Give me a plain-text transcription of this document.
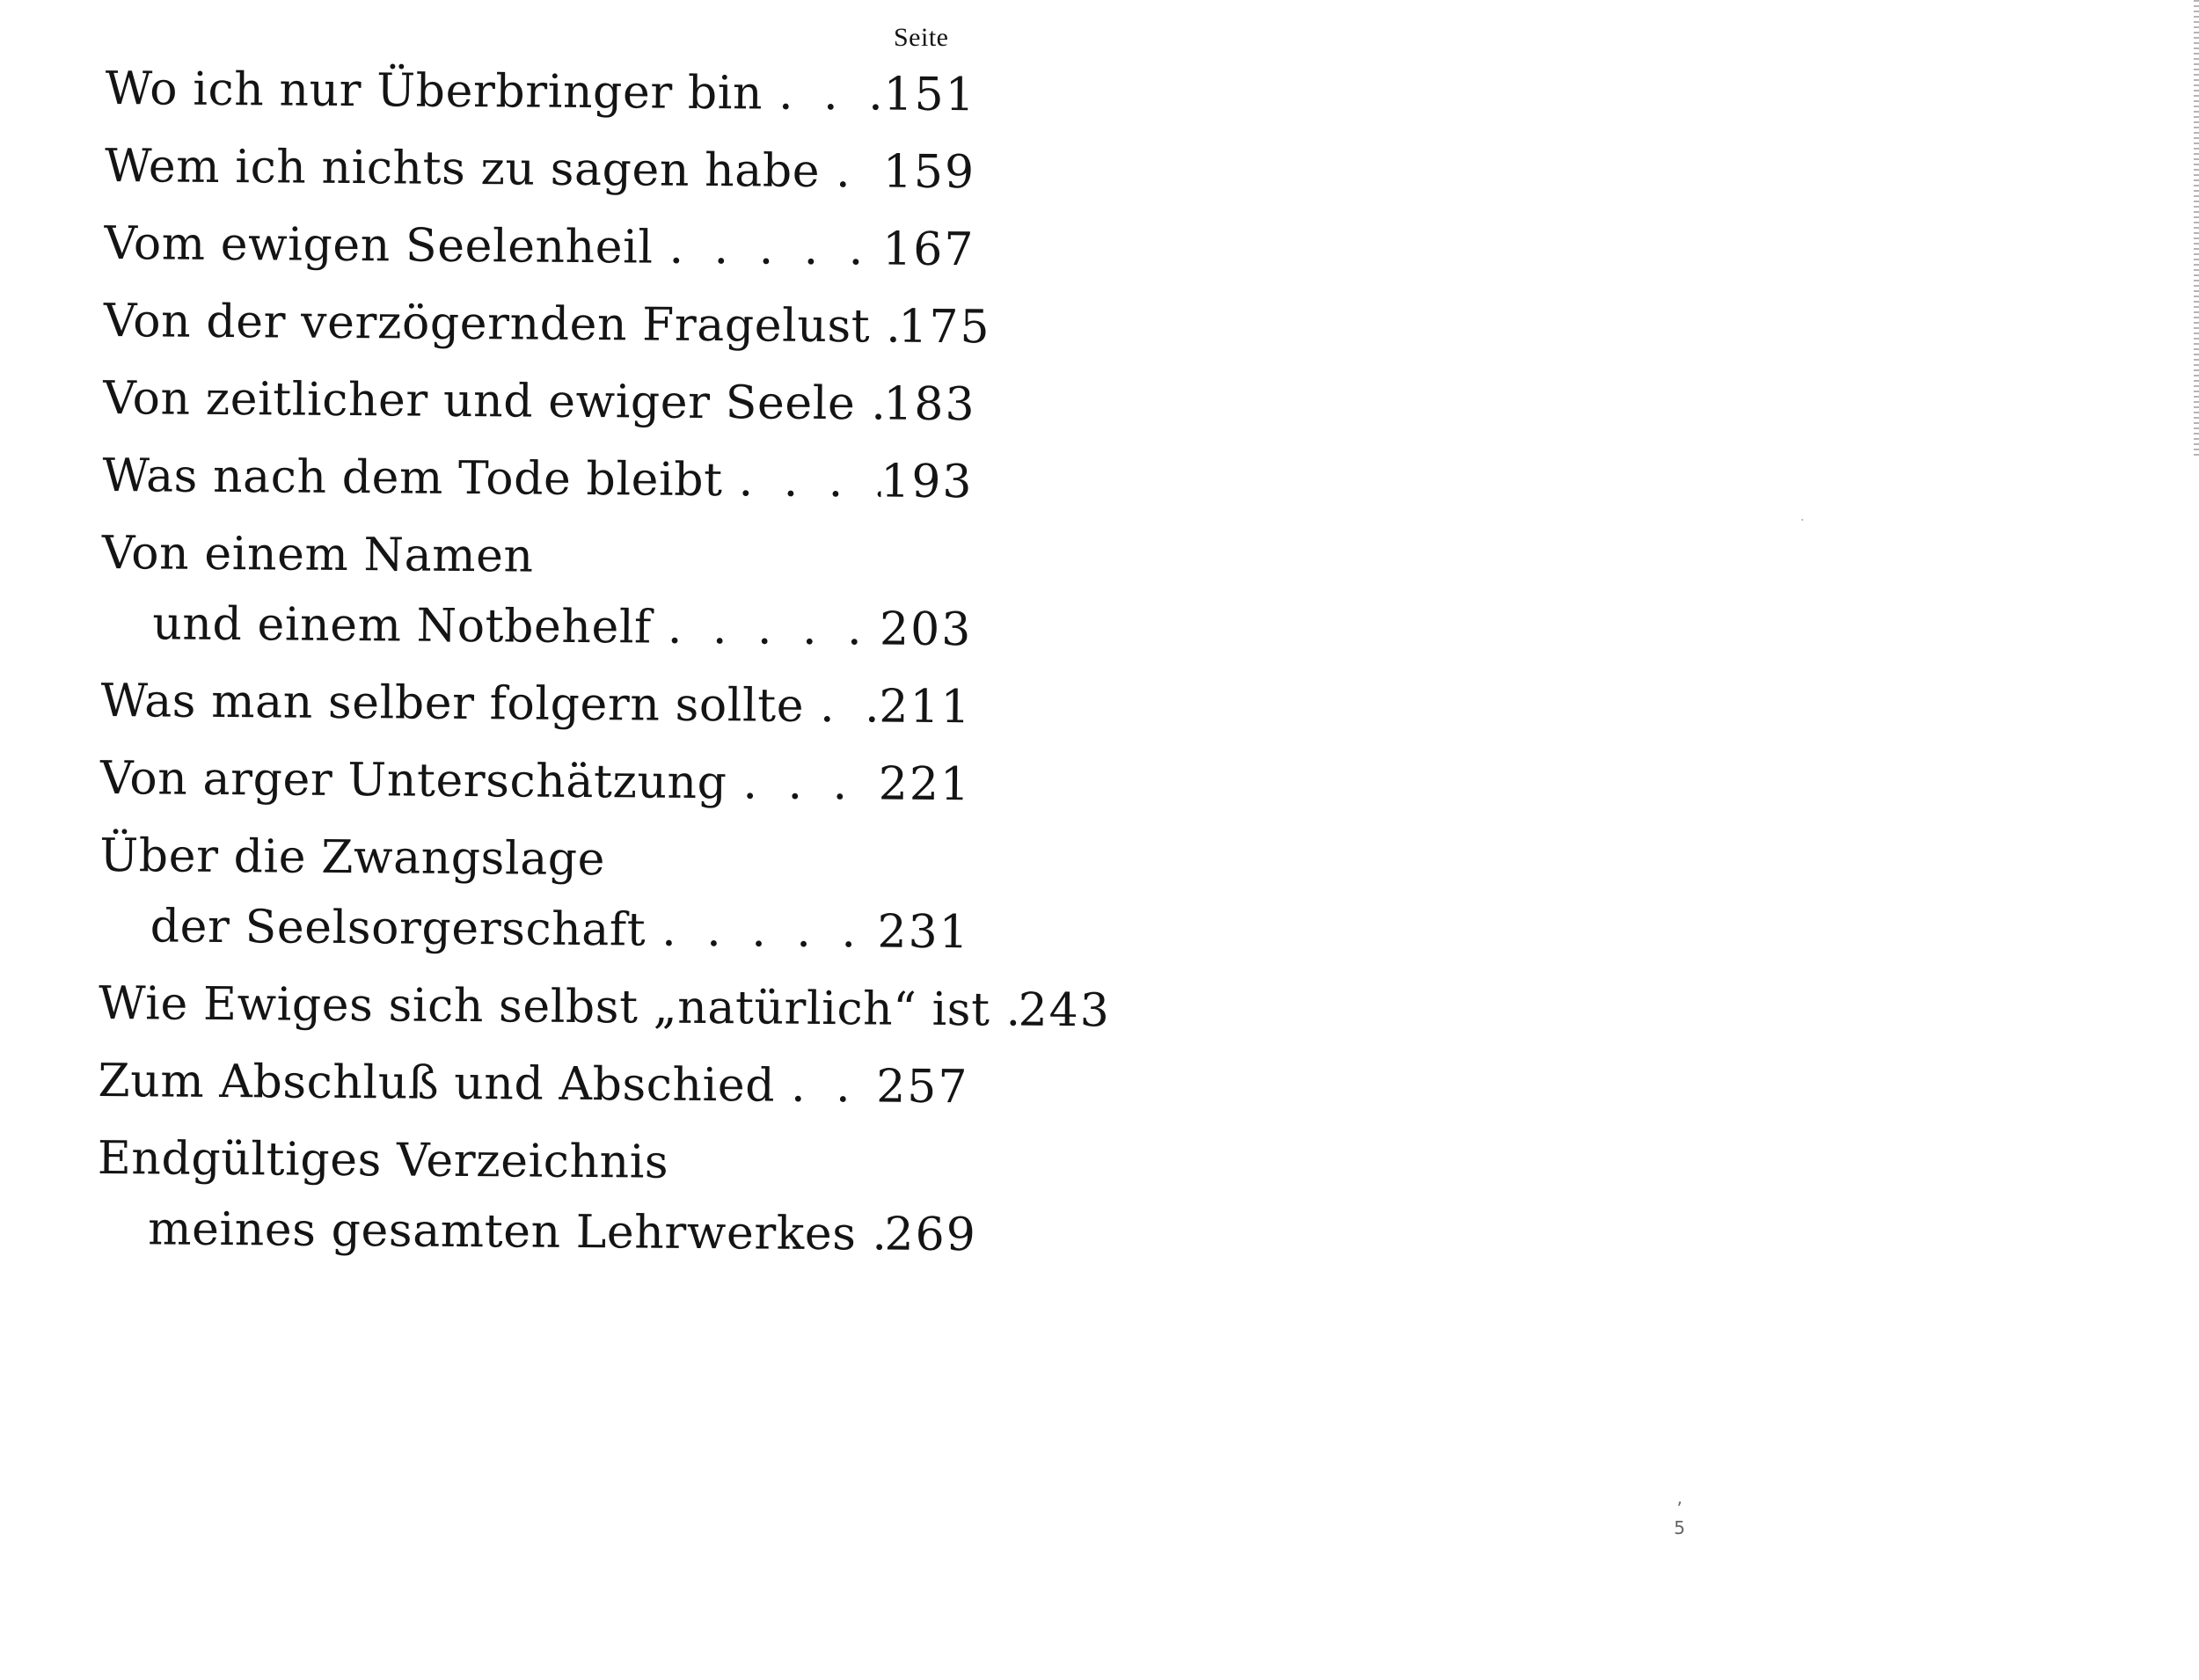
Seite
Wo ich nur Überbringer bin . . .	151
Wem ich nichts zu sagen habe . . . 159
Vom ewigen Seelenheil . . .	167
Von der verzögernden Fragelust . . . 175
Von zeitlicher und ewiger Seele . . . 183
Was nach dem Tode bleibt . . .	193
Von einem Namen
und einem Notbehelf . . .	203
Was man selber folgern sollte . . . 211
Von arger Unterschätzung . . .	221
Über die Zwangslage
der Seelsorgerschaft . . .	231
Wie Ewiges sich selbst „natürlich“ ist . . . 243
Zum Abschluß und Abschied . . . 257
Endgültiges Verzeichnis
meines gesamten Lehrwerkes . . . 269
ʼ
5
